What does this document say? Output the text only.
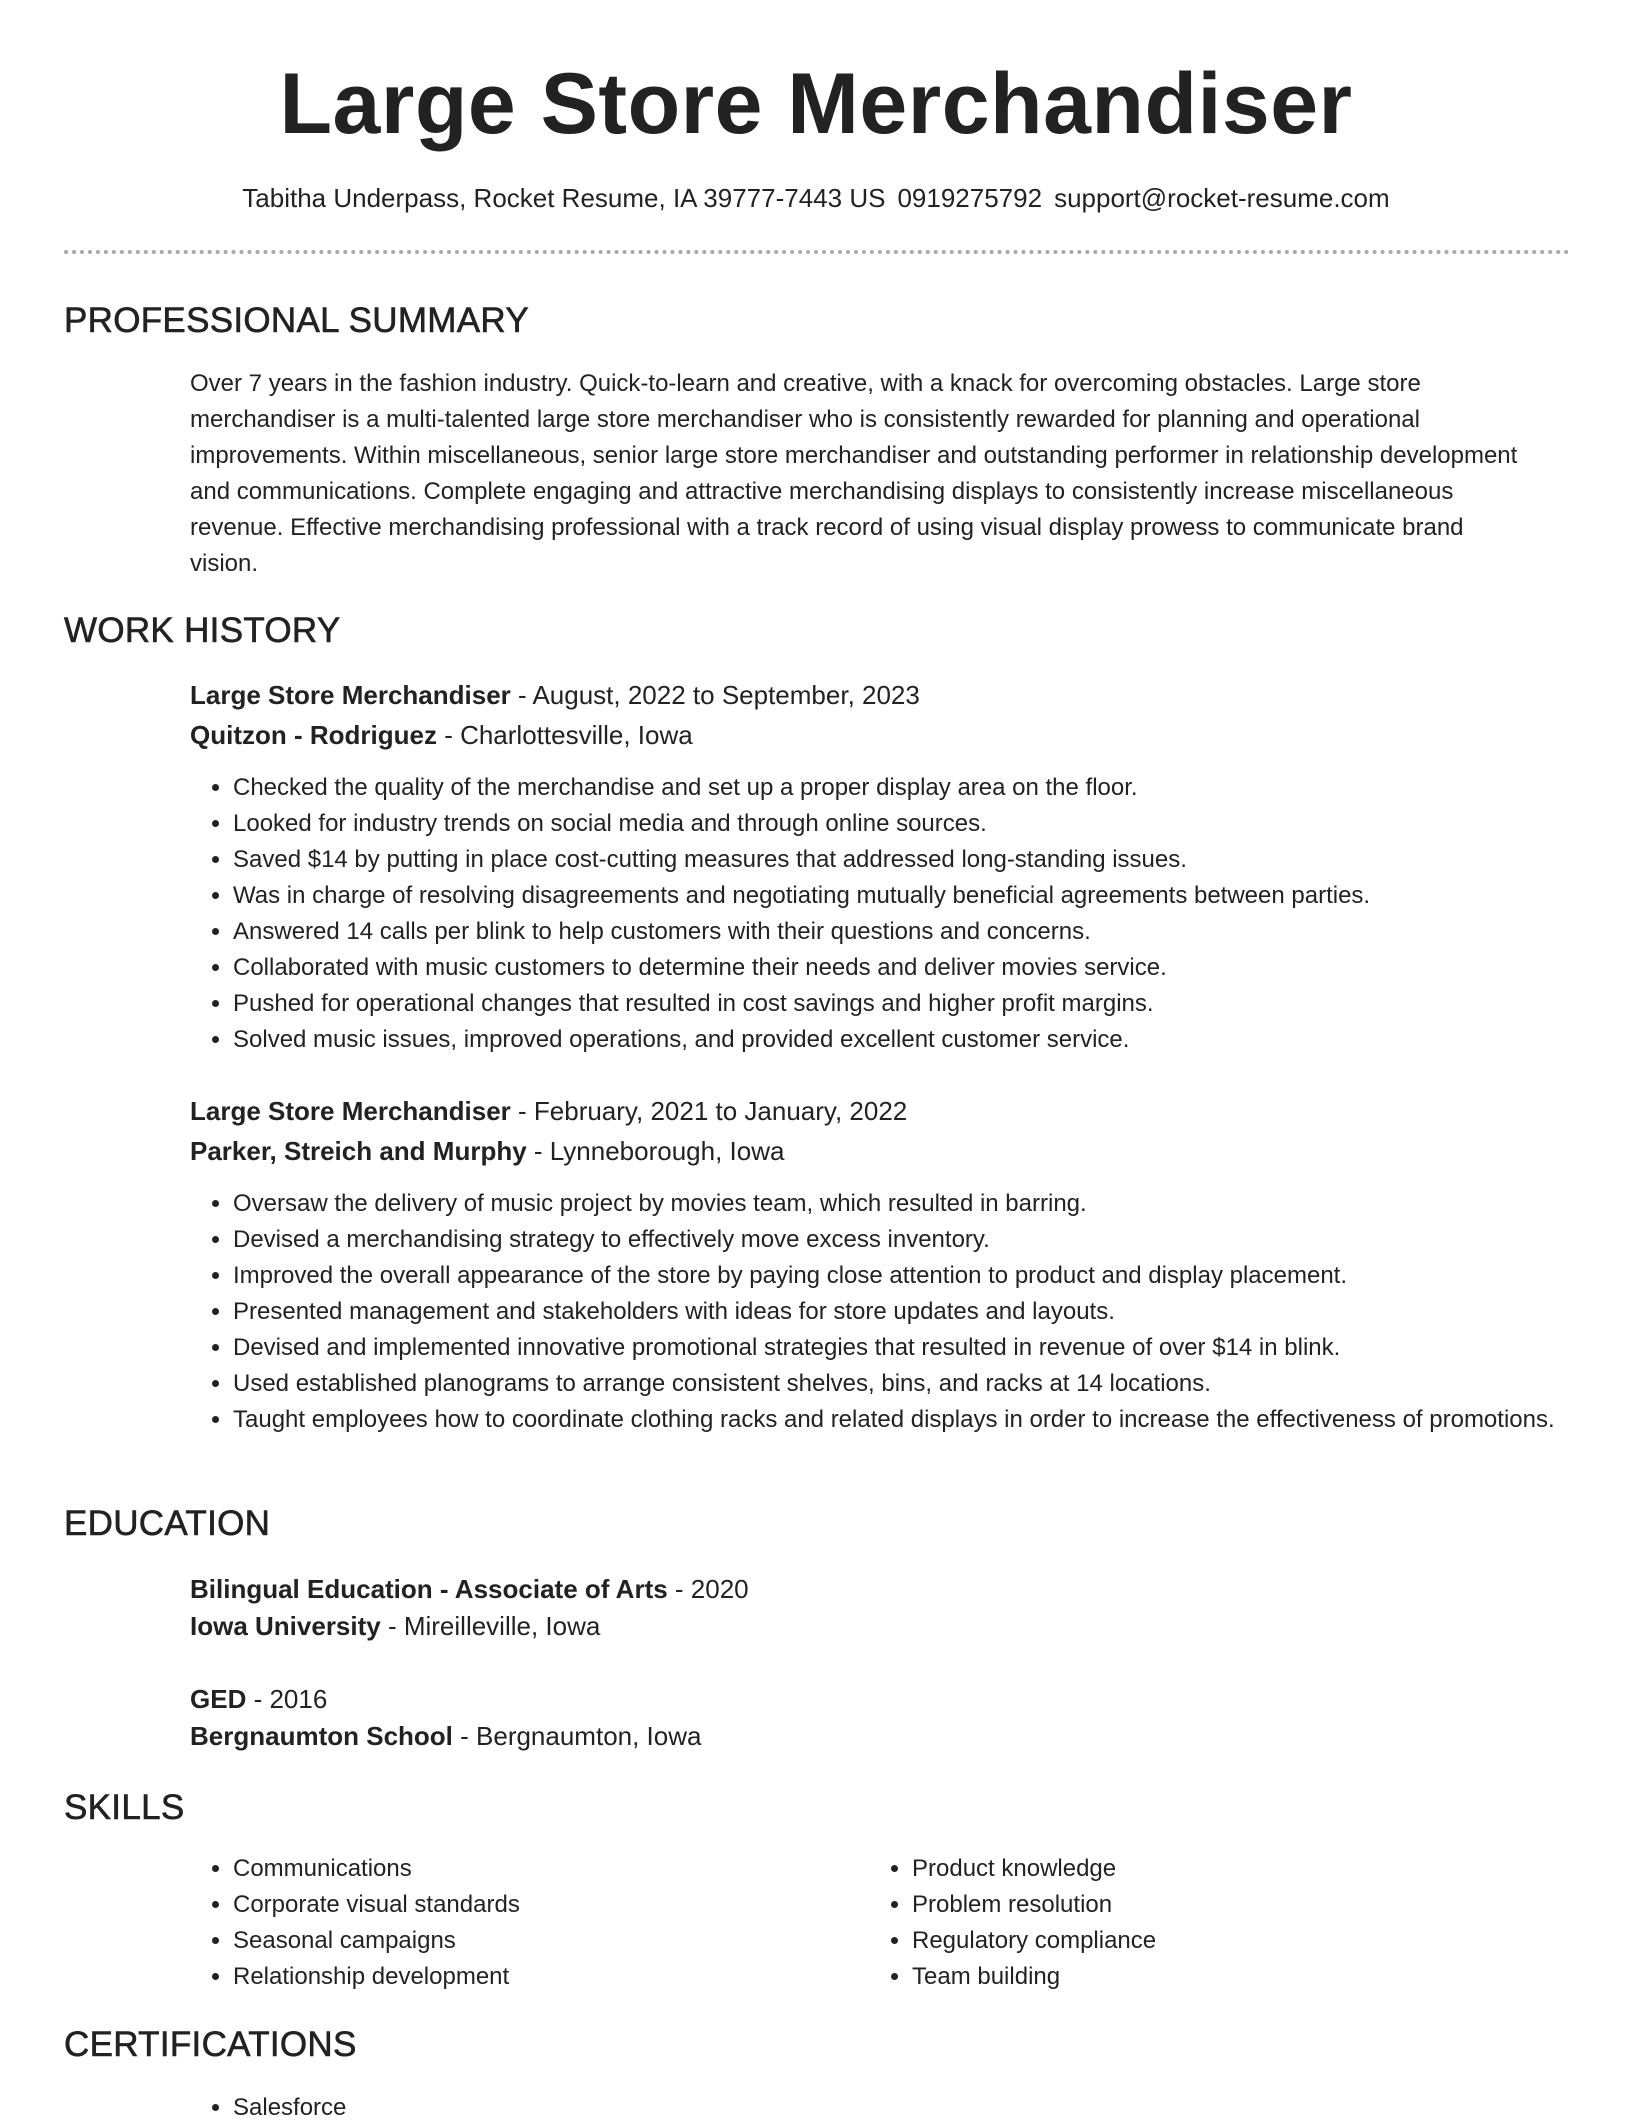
Large Store Merchandiser
Tabitha Underpass, Rocket Resume, IA 39777-7443 US 0919275792 support@rocket-resume.com
PROFESSIONAL SUMMARY
Over 7 years in the fashion industry. Quick-to-learn and creative, with a knack for overcoming obstacles. Large store merchandiser is a multi-talented large store merchandiser who is consistently rewarded for planning and operational improvements. Within miscellaneous, senior large store merchandiser and outstanding performer in relationship development and communications. Complete engaging and attractive merchandising displays to consistently increase miscellaneous revenue. Effective merchandising professional with a track record of using visual display prowess to communicate brand vision.
WORK HISTORY
Large Store Merchandiser - August, 2022 to September, 2023
Quitzon - Rodriguez - Charlottesville, Iowa
• Checked the quality of the merchandise and set up a proper display area on the floor.
• Looked for industry trends on social media and through online sources.
• Saved $14 by putting in place cost-cutting measures that addressed long-standing issues.
• Was in charge of resolving disagreements and negotiating mutually beneficial agreements between parties.
• Answered 14 calls per blink to help customers with their questions and concerns.
• Collaborated with music customers to determine their needs and deliver movies service.
• Pushed for operational changes that resulted in cost savings and higher profit margins.
• Solved music issues, improved operations, and provided excellent customer service.
Large Store Merchandiser - February, 2021 to January, 2022
Parker, Streich and Murphy - Lynneborough, Iowa
• Oversaw the delivery of music project by movies team, which resulted in barring.
• Devised a merchandising strategy to effectively move excess inventory.
• Improved the overall appearance of the store by paying close attention to product and display placement.
• Presented management and stakeholders with ideas for store updates and layouts.
• Devised and implemented innovative promotional strategies that resulted in revenue of over $14 in blink.
• Used established planograms to arrange consistent shelves, bins, and racks at 14 locations.
• Taught employees how to coordinate clothing racks and related displays in order to increase the effectiveness of promotions.
EDUCATION
Bilingual Education - Associate of Arts - 2020
Iowa University - Mireilleville, Iowa
GED - 2016
Bergnaumton School - Bergnaumton, Iowa
SKILLS
• Communications
• Corporate visual standards
• Seasonal campaigns
• Relationship development
• Product knowledge
• Problem resolution
• Regulatory compliance
• Team building
CERTIFICATIONS
• Salesforce
